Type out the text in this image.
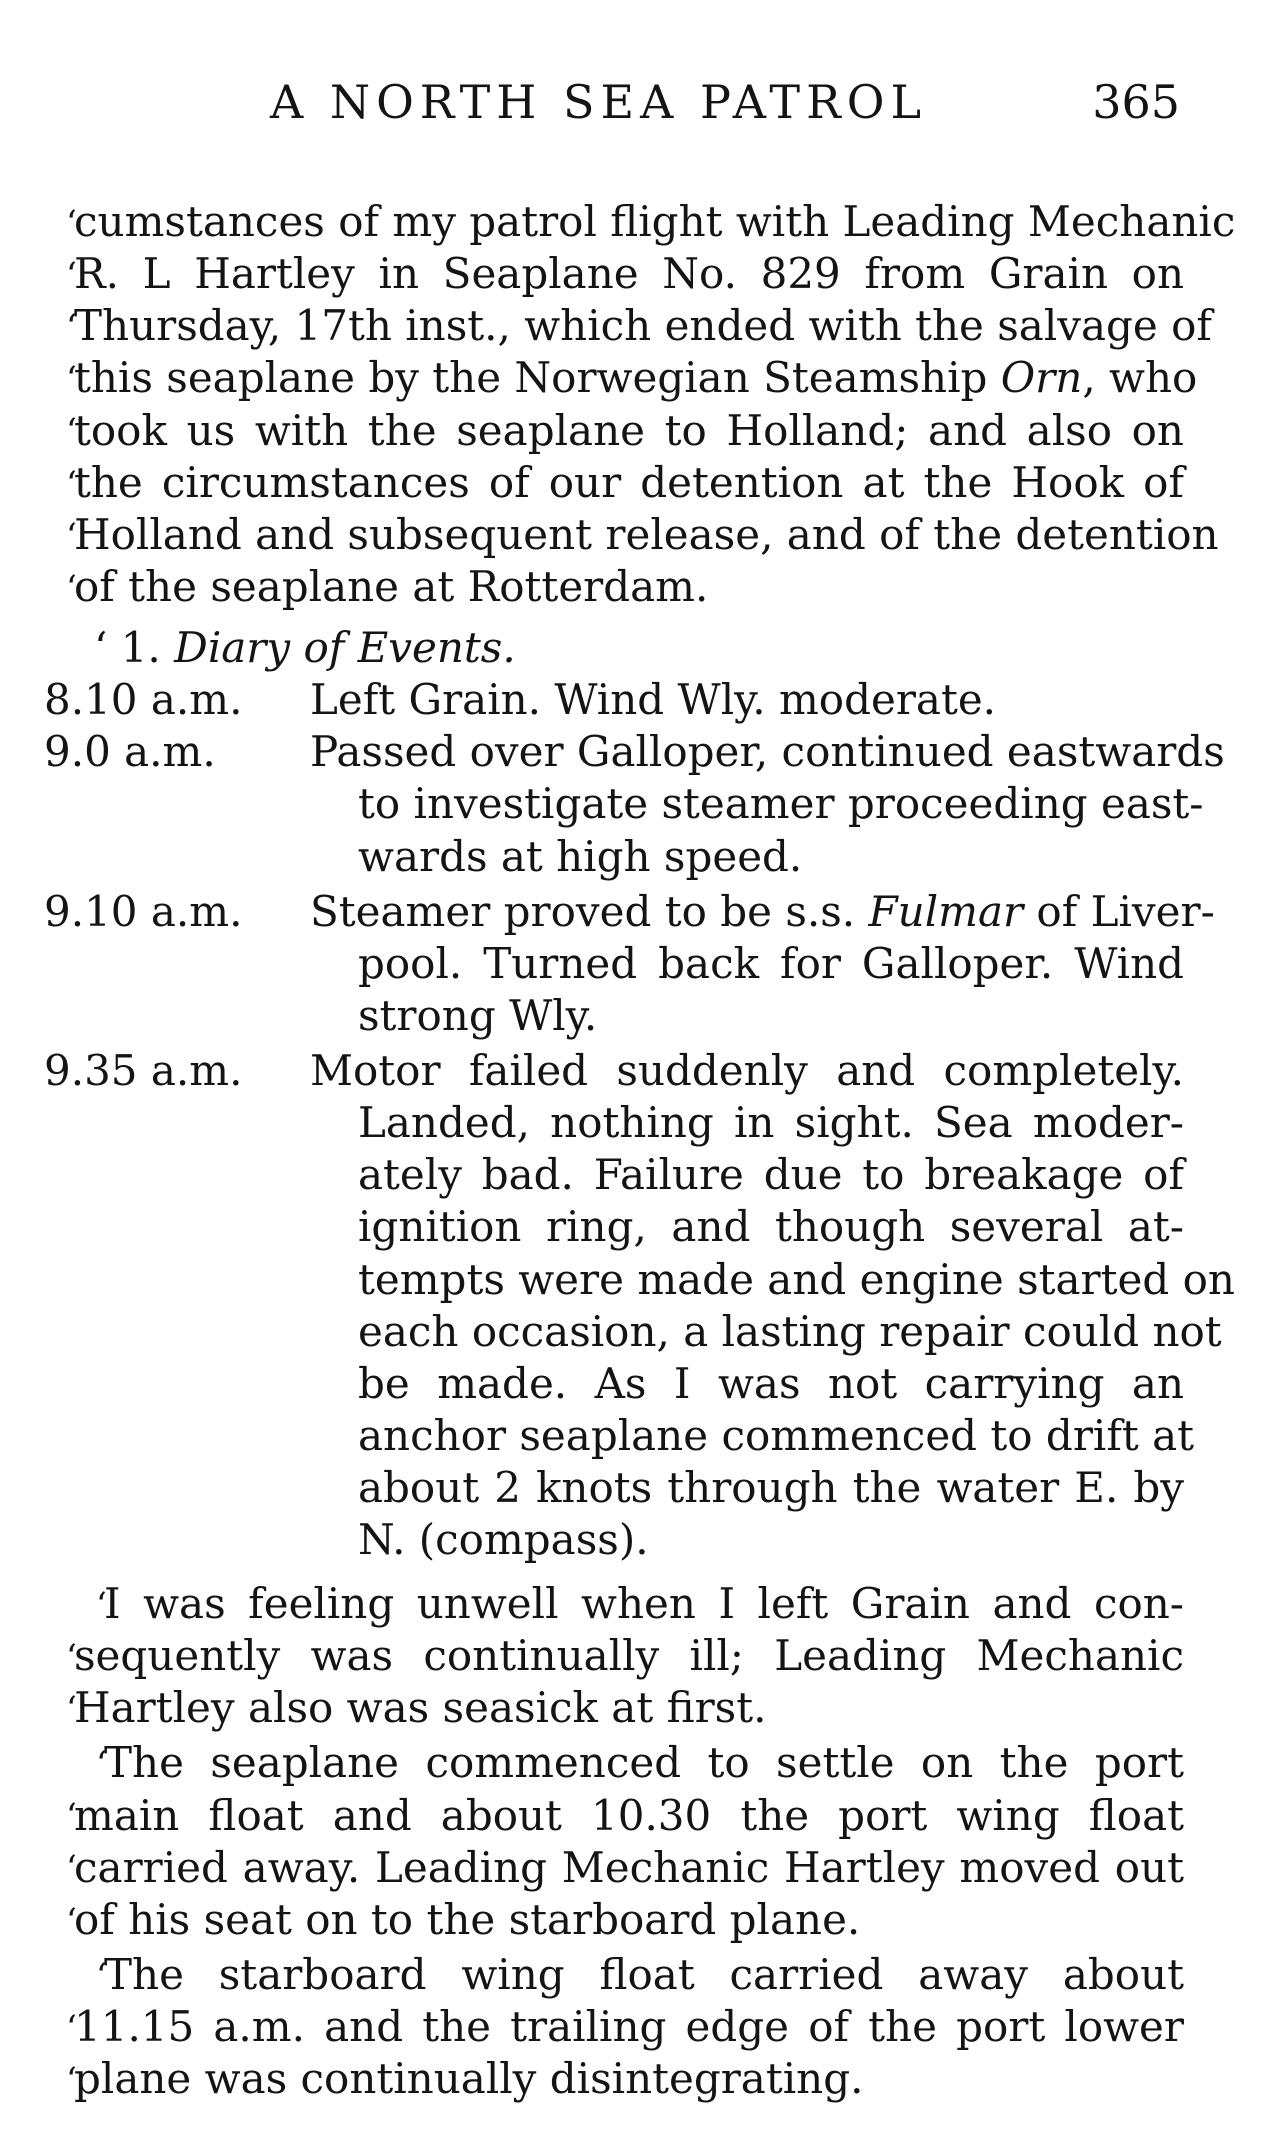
A NORTH SEA PATROL	365
‘
cumstances of my patrol flight with Leading Mechanic
‘
R. L Hartley in Seaplane No. 829 from Grain on
‘
Thursday, 17th inst., which ended with the salvage of
‘
this seaplane by the Norwegian Steamship Orn, who
‘
took us with the seaplane to Holland; and also on
‘
the circumstances of our detention at the Hook of
‘
Holland and subsequent release, and of the detention
‘
of the seaplane at Rotterdam.
‘ 1. Diary of Events.
8.10 a.m. Left Grain. Wind Wly. moderate.
9.0 a.m. Passed over Galloper, continued eastwards
to investigate steamer proceeding east-
wards at high speed.
9.10 a.m. Steamer proved to be s.s. Fulmar of Liver-
pool. Turned back for Galloper. Wind
strong Wly.
9.35 a.m. Motor failed suddenly and completely.
Landed, nothing in sight. Sea moder-
ately bad. Failure due to breakage of
ignition ring, and though several at-
tempts were made and engine started on
each occasion, a lasting repair could not
be made. As I was not carrying an
anchor seaplane commenced to drift at
about 2 knots through the water E. by
N. (compass).
‘
I was feeling unwell when I left Grain and con-
‘
sequently was continually ill; Leading Mechanic
‘
Hartley also was seasick at first.
‘
The seaplane commenced to settle on the port
‘
main float and about 10.30 the port wing float
‘
carried away. Leading Mechanic Hartley moved out
‘
of his seat on to the starboard plane.
‘
The starboard wing float carried away about
‘
11.15 a.m. and the trailing edge of the port lower
‘
plane was continually disintegrating.
